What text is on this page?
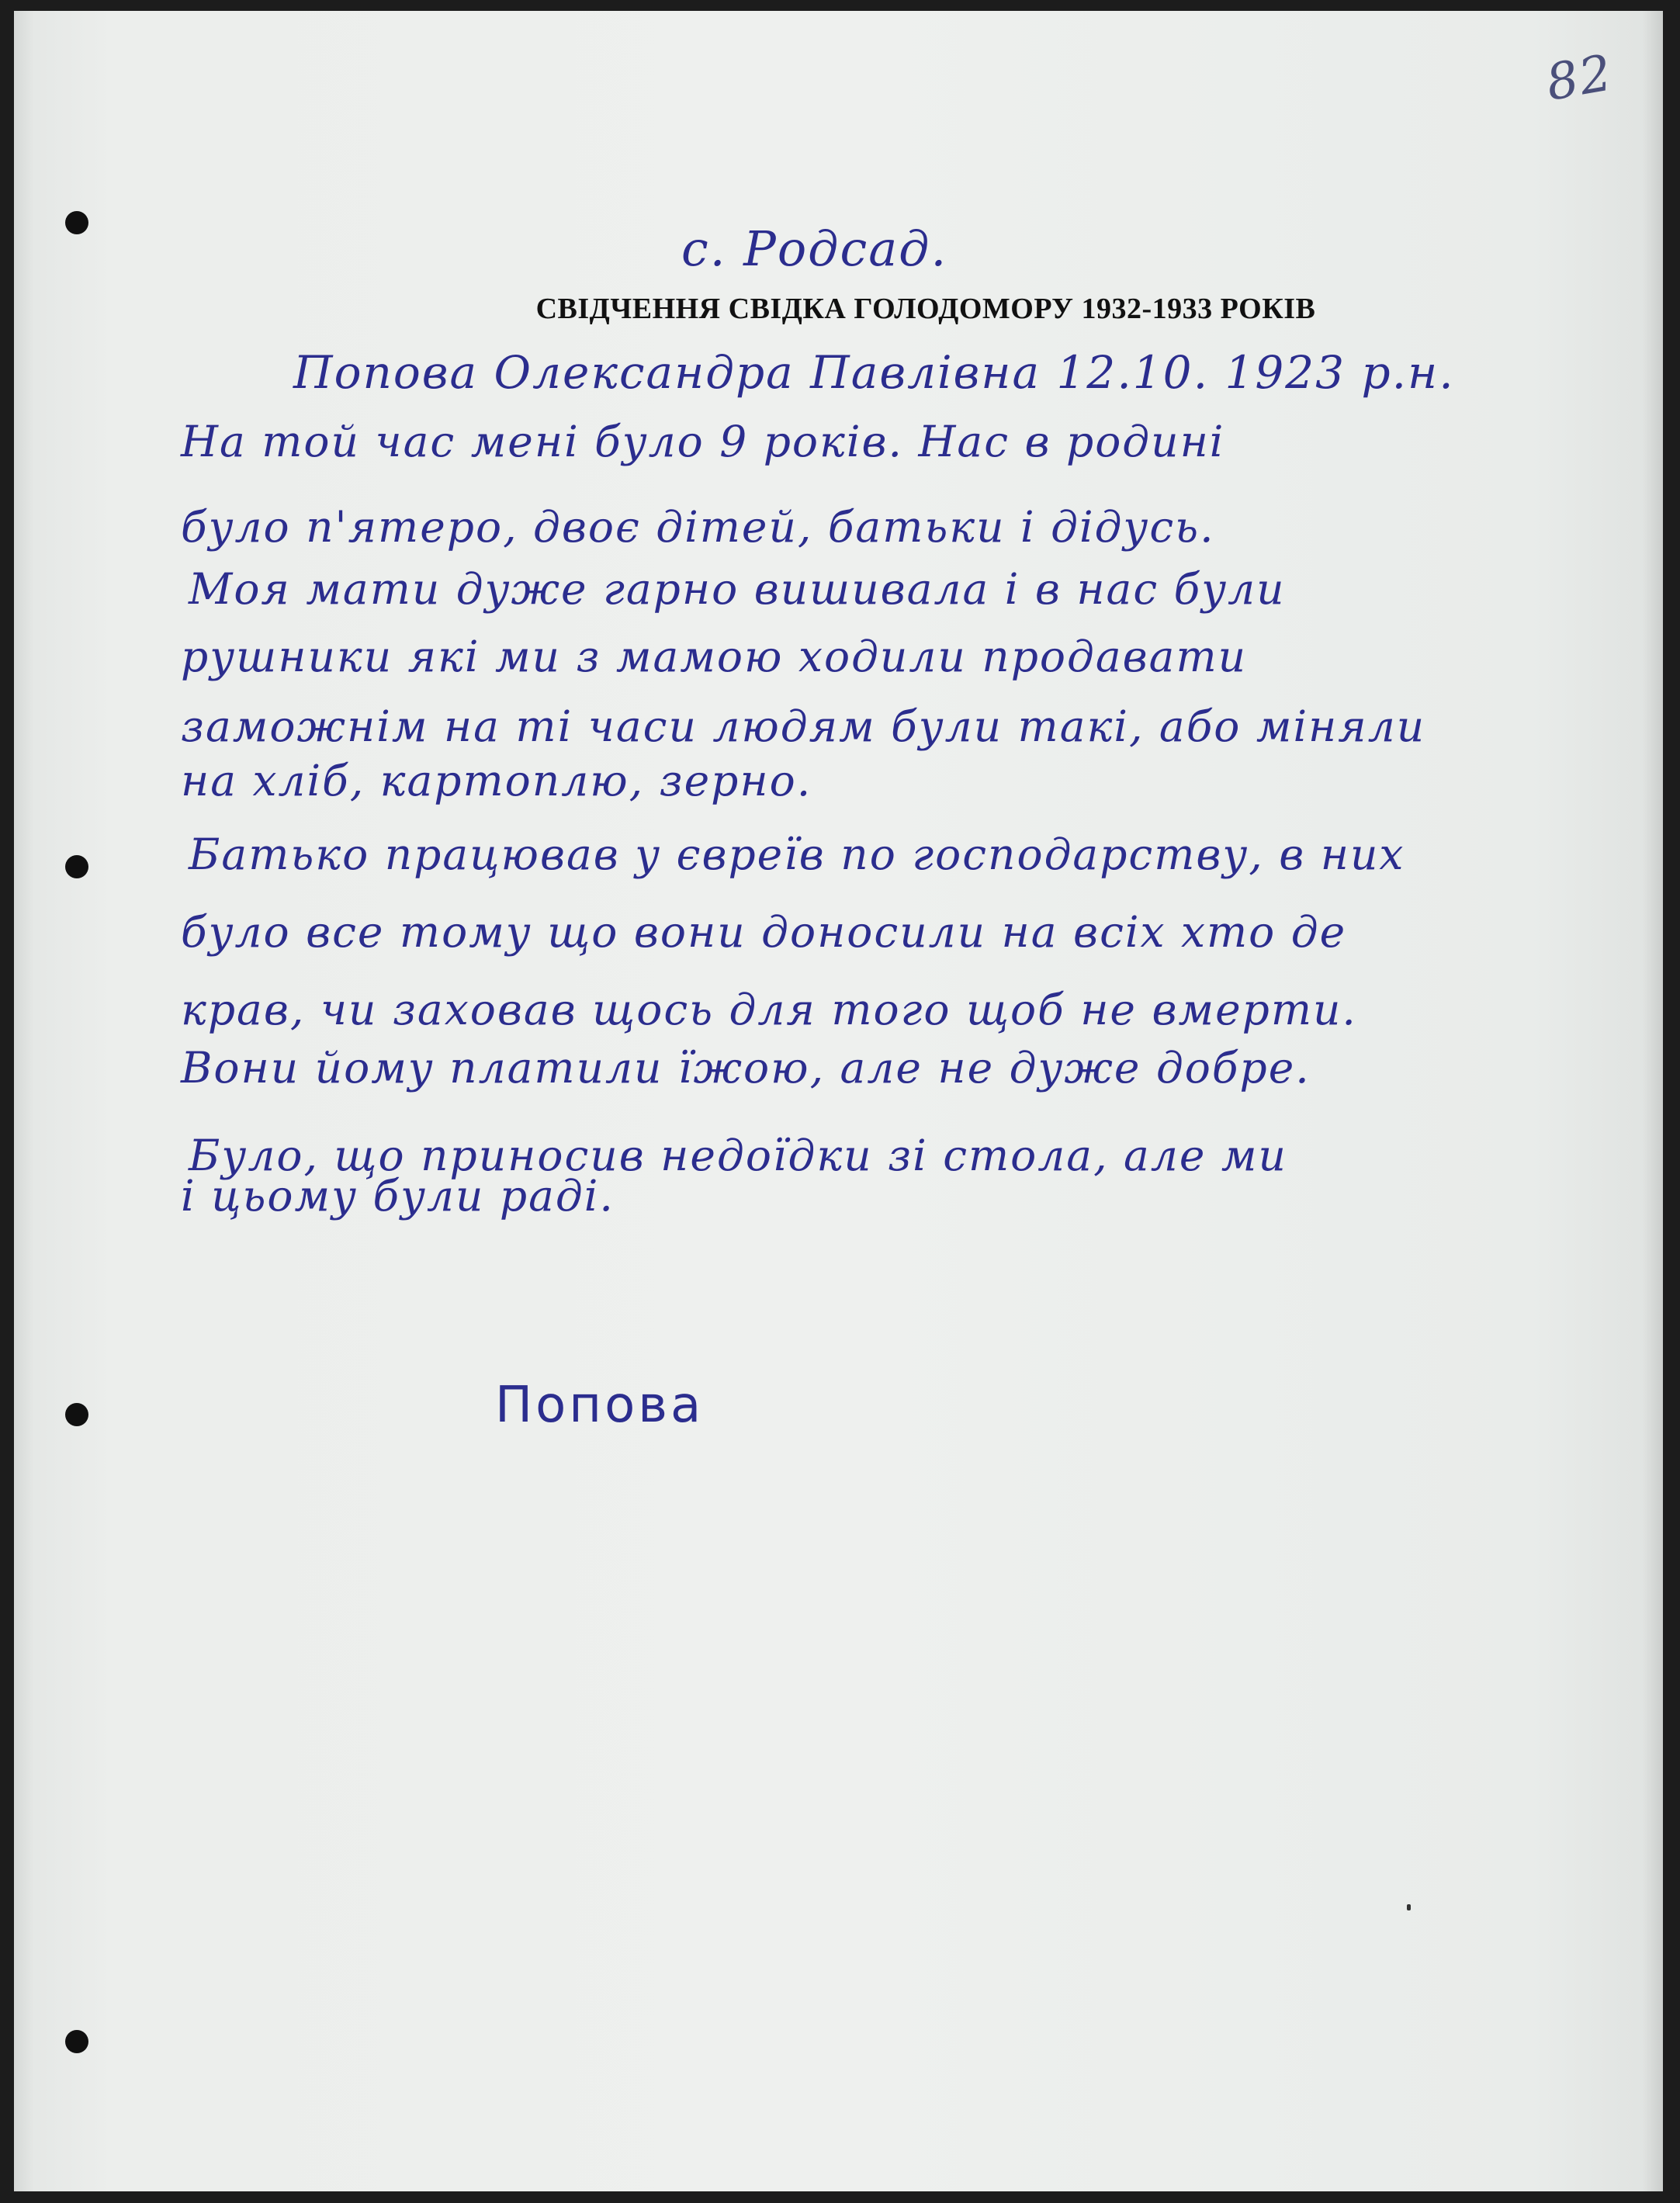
82
с. Родсад.
СВІДЧЕННЯ СВІДКА ГОЛОДОМОРУ 1932-1933 РОКІВ
Попова Олександра Павлівна 12.10. 1923 р.н.
На той час мені було 9 років. Нас в родині
було п'ятеро, двоє дітей, батьки і дідусь.
Моя мати дуже гарно вишивала і в нас були
рушники які ми з мамою ходили продавати
заможнім на ті часи людям були такі, або міняли
на хліб, картоплю, зерно.
Батько працював у євреїв по господарству, в них
було все тому що вони доносили на всіх хто де
крав, чи заховав щось для того щоб не вмерти.
Вони йому платили їжою, але не дуже добре.
Було, що приносив недоїдки зі стола, але ми
і цьому були раді.
Попова
